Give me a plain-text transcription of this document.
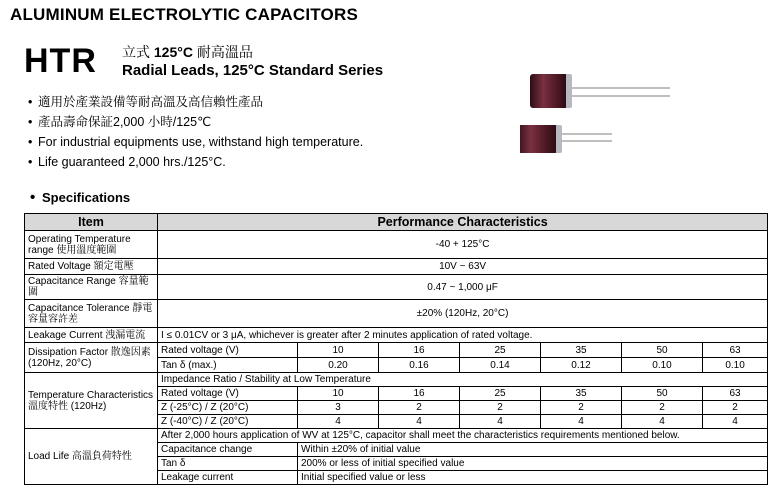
ALUMINUM ELECTROLYTIC CAPACITORS
HTR 立式 125°C 耐高溫品
Radial Leads, 125°C Standard Series
• 適用於產業設備等耐高溫及高信賴性產品
• 產品壽命保証2,000 小時/125℃
• For industrial equipments use, withstand high temperature.
• Life guaranteed 2,000 hrs./125°C.
• Specifications
Item	Performance Characteristics						
Operating Temperature range 使用溫度範圍	-40 + 125°C						
Rated Voltage 額定電壓	10V ~ 63V						
Capacitance Range 容量範圍	0.47 ~ 1,000 μF						
Capacitance Tolerance 靜電容量容許差	±20% (120Hz, 20°C)						
Leakage Current 洩漏電流	I ≤ 0.01CV or 3 μA, whichever is greater after 2 minutes application of rated voltage.						
Dissipation Factor 散逸因素 (120Hz, 20°C)	Rated voltage (V)	10	16	25	35	50	63
	Tan δ (max.)	0.20	0.16	0.14	0.12	0.10	0.10
Temperature Characteristics 溫度特性 (120Hz)	Impedance Ratio / Stability at Low Temperature						
	Rated voltage (V)	10	16	25	35	50	63
	Z (-25°C) / Z (20°C)	3	2	2	2	2	2
	Z (-40°C) / Z (20°C)	4	4	4	4	4	4
Load Life 高溫負荷特性	After 2,000 hours application of WV at 125°C, capacitor shall meet the characteristics requirements mentioned below.						
	Capacitance change	Within ±20% of initial value					
	Tan δ	200% or less of initial specified value					
	Leakage current	Initial specified value or less					
